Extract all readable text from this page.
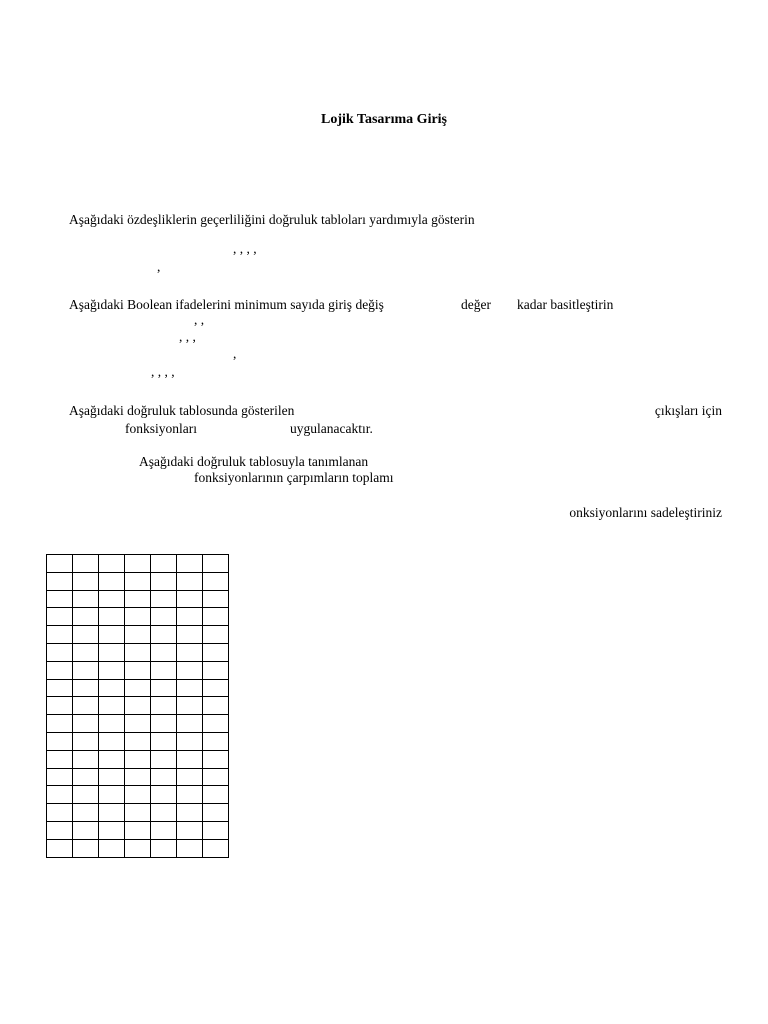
Lojik Tasarıma Giriş
Aşağıdaki özdeşliklerin geçerliliğini doğruluk tabloları yardımıyla gösterin
, , , ,
,
Aşağıdaki Boolean ifadelerini minimum sayıda giriş değiş	değer kadar basitleştirin
, ,
, , ,
,
, , , ,
Aşağıdaki doğruluk tablosunda gösterilen	çıkışları için
fonksiyonları	uygulanacaktır.
Aşağıdaki doğruluk tablosuyla tanımlanan
fonksiyonlarının çarpımların toplamı
onksiyonlarını sadeleştiriniz
